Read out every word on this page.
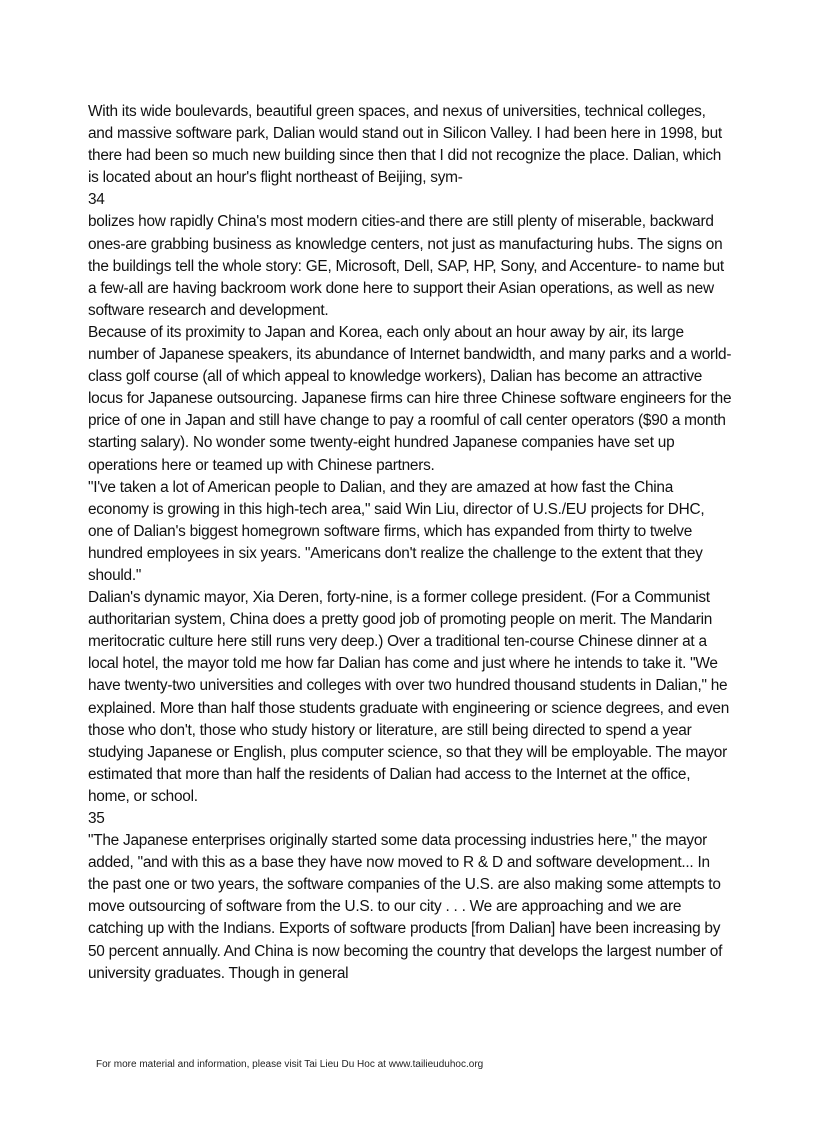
With its wide boulevards, beautiful green spaces, and nexus of universities, technical colleges, and massive software park, Dalian would stand out in Silicon Valley. I had been here in 1998, but there had been so much new building since then that I did not recognize the place. Dalian, which is located about an hour's flight northeast of Beijing, sym-

34

bolizes how rapidly China's most modern cities-and there are still plenty of miserable, backward ones-are grabbing business as knowledge centers, not just as manufacturing hubs. The signs on the buildings tell the whole story: GE, Microsoft, Dell, SAP, HP, Sony, and Accenture- to name but a few-all are having backroom work done here to support their Asian operations, as well as new software research and development.

Because of its proximity to Japan and Korea, each only about an hour away by air, its large number of Japanese speakers, its abundance of Internet bandwidth, and many parks and a world-class golf course (all of which appeal to knowledge workers), Dalian has become an attractive locus for Japanese outsourcing. Japanese firms can hire three Chinese software engineers for the price of one in Japan and still have change to pay a roomful of call center operators ($90 a month starting salary). No wonder some twenty-eight hundred Japanese companies have set up operations here or teamed up with Chinese partners.

"I've taken a lot of American people to Dalian, and they are amazed at how fast the China economy is growing in this high-tech area," said Win Liu, director of U.S./EU projects for DHC, one of Dalian's biggest homegrown software firms, which has expanded from thirty to twelve hundred employees in six years. "Americans don't realize the challenge to the extent that they should."

Dalian's dynamic mayor, Xia Deren, forty-nine, is a former college president. (For a Communist authoritarian system, China does a pretty good job of promoting people on merit. The Mandarin meritocratic culture here still runs very deep.) Over a traditional ten-course Chinese dinner at a local hotel, the mayor told me how far Dalian has come and just where he intends to take it. "We have twenty-two universities and colleges with over two hundred thousand students in Dalian," he explained. More than half those students graduate with engineering or science degrees, and even those who don't, those who study history or literature, are still being directed to spend a year studying Japanese or English, plus computer science, so that they will be employable. The mayor estimated that more than half the residents of Dalian had access to the Internet at the office, home, or school.

35

"The Japanese enterprises originally started some data processing industries here," the mayor added, "and with this as a base they have now moved to R & D and software development... In the past one or two years, the software companies of the U.S. are also making some attempts to move outsourcing of software from the U.S. to our city . . . We are approaching and we are catching up with the Indians. Exports of software products [from Dalian] have been increasing by 50 percent annually. And China is now becoming the country that develops the largest number of university graduates. Though in general

For more material and information, please visit Tai Lieu Du Hoc at www.tailieuduhoc.org
